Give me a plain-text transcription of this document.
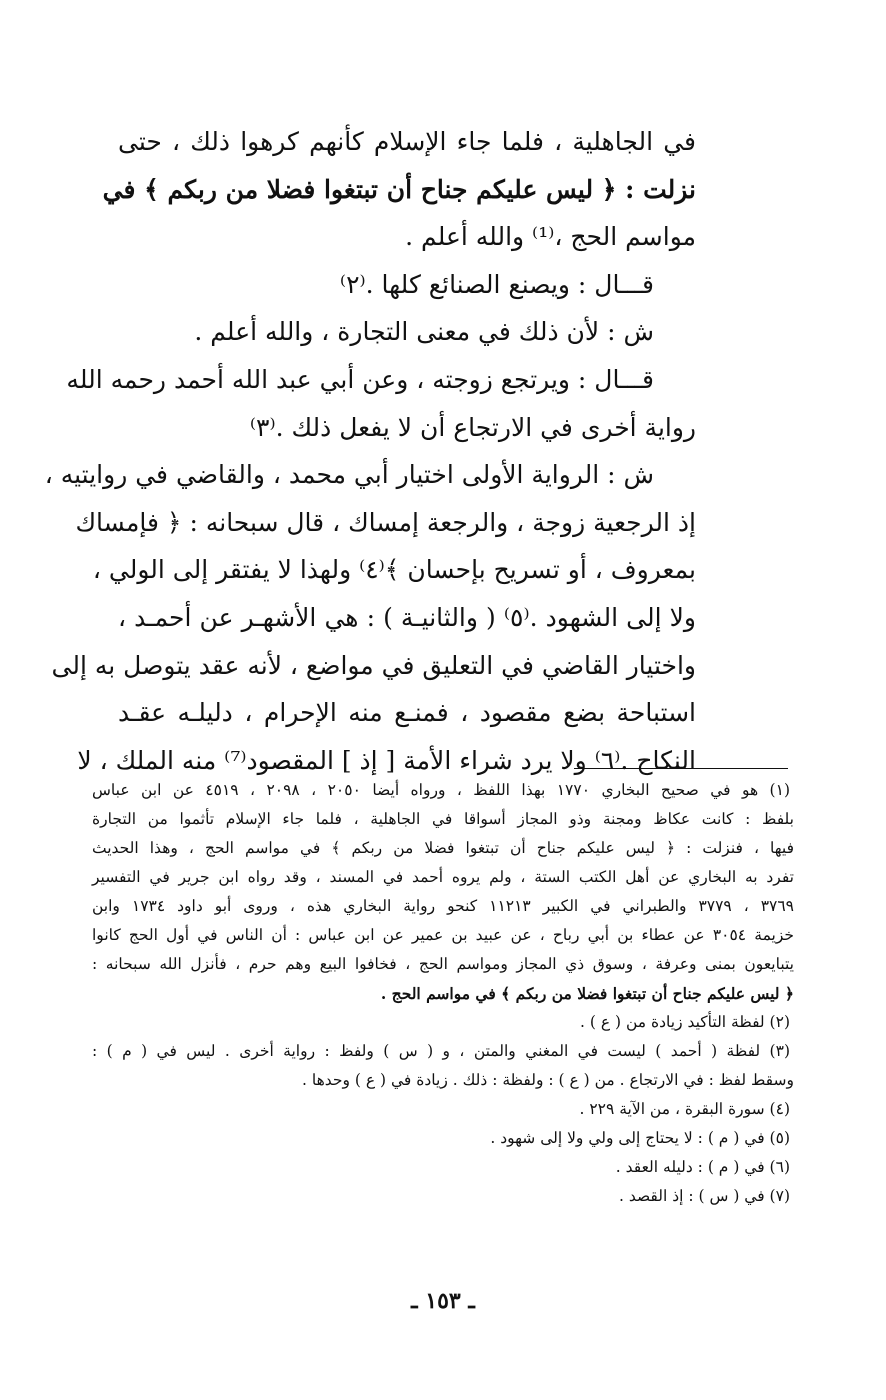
في الجاهلية ، فلما جاء الإسلام كأنهم كرهوا ذلك ، حتى
نزلت : ﴿ ليس عليكم جناح أن تبتغوا فضلا من ربكم ﴾ في
مواسم الحج ،⁽¹⁾ والله أعلم .
قـــال : ويصنع الصنائع كلها .⁽٢⁾
ش : لأن ذلك في معنى التجارة ، والله أعلم .
قـــال : ويرتجع زوجته ، وعن أبي عبد الله أحمد رحمه الله
رواية أخرى في الارتجاع أن لا يفعل ذلك .⁽٣⁾
ش : الرواية الأولى اختيار أبي محمد ، والقاضي في روايتيه ،
إذ الرجعية زوجة ، والرجعة إمساك ، قال سبحانه : ﴿ فإمساك
بمعروف ، أو تسريح بإحسان ﴾⁽٤⁾ ولهذا لا يفتقر إلى الولي ،
ولا إلى الشهود .⁽٥⁾ ( والثانيـة ) : هي الأشهـر عن أحمـد ،
واختيار القاضي في التعليق في مواضع ، لأنه عقد يتوصل به إلى
استباحة بضع مقصود ، فمنـع منه الإحرام ، دليلـه عقـد
النكاح .⁽٦⁾ ولا يرد شراء الأمة [ إذ ] المقصود⁽⁷⁾ منه الملك ، لا
(١) هو في صحيح البخاري ١٧٧٠ بهذا اللفظ ، ورواه أيضا ٢٠٥٠ ، ٢٠٩٨ ، ٤٥١٩ عن ابن عباس
بلفظ : كانت عكاظ ومجنة وذو المجاز أسواقا في الجاهلية ، فلما جاء الإسلام تأثموا من التجارة
فيها ، فنزلت : ﴿ ليس عليكم جناح أن تبتغوا فضلا من ربكم ﴾ في مواسم الحج ، وهذا الحديث
تفرد به البخاري عن أهل الكتب الستة ، ولم يروه أحمد في المسند ، وقد رواه ابن جرير في التفسير
٣٧٦٩ ، ٣٧٧٩ والطبراني في الكبير ١١٢١٣ كنحو رواية البخاري هذه ، وروى أبو داود ١٧٣٤ وابن
خزيمة ٣٠٥٤ عن عطاء بن أبي رباح ، عن عبيد بن عمير عن ابن عباس : أن الناس في أول الحج كانوا
يتبايعون بمنى وعرفة ، وسوق ذي المجاز ومواسم الحج ، فخافوا البيع وهم حرم ، فأنزل الله سبحانه :
﴿ ليس عليكم جناح أن تبتغوا فضلا من ربكم ﴾ في مواسم الحج .
(٢) لفظة التأكيد زيادة من ( ع ) .
(٣) لفظة ( أحمد ) ليست في المغني والمتن ، و ( س ) ولفظ : رواية أخرى . ليس في ( م ) :
وسقط لفظ : في الارتجاع . من ( ع ) : ولفظة : ذلك . زيادة في ( ع ) وحدها .
(٤) سورة البقرة ، من الآية ٢٢٩ .
(٥) في ( م ) : لا يحتاج إلى ولي ولا إلى شهود .
(٦) في ( م ) : دليله العقد .
(٧) في ( س ) : إذ القصد .
ـ ١٥٣ ـ
